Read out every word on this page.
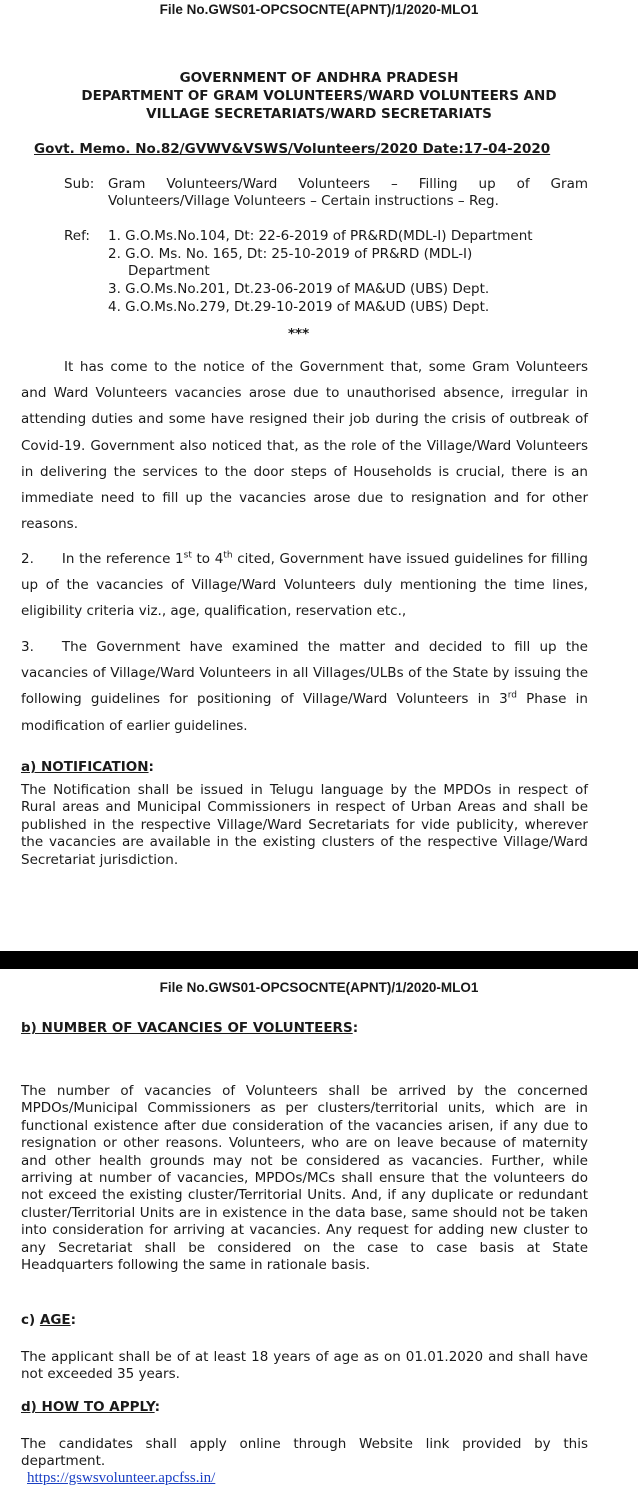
File No.GWS01-OPCSOCNTE(APNT)/1/2020-MLO1
GOVERNMENT OF ANDHRA PRADESH
DEPARTMENT OF GRAM VOLUNTEERS/WARD VOLUNTEERS AND
VILLAGE SECRETARIATS/WARD SECRETARIATS
Govt. Memo. No.82/GVWV&VSWS/Volunteers/2020 Date:17-04-2020
Sub: Gram Volunteers/Ward Volunteers – Filling up of Gram Volunteers/Village Volunteers – Certain instructions – Reg.
Ref: 1. G.O.Ms.No.104, Dt: 22-6-2019 of PR&RD(MDL-I) Department
2. G.O. Ms. No. 165, Dt: 25-10-2019 of PR&RD (MDL-I)
Department
3. G.O.Ms.No.201, Dt.23-06-2019 of MA&UD (UBS) Dept.
4. G.O.Ms.No.279, Dt.29-10-2019 of MA&UD (UBS) Dept.
***

It has come to the notice of the Government that, some Gram Volunteers and Ward Volunteers vacancies arose due to unauthorised absence, irregular in attending duties and some have resigned their job during the crisis of outbreak of Covid-19. Government also noticed that, as the role of the Village/Ward Volunteers in delivering the services to the door steps of Households is crucial, there is an immediate need to fill up the vacancies arose due to resignation and for other reasons.

2. In the reference 1st to 4th cited, Government have issued guidelines for filling up of the vacancies of Village/Ward Volunteers duly mentioning the time lines, eligibility criteria viz., age, qualification, reservation etc.,

3. The Government have examined the matter and decided to fill up the vacancies of Village/Ward Volunteers in all Villages/ULBs of the State by issuing the following guidelines for positioning of Village/Ward Volunteers in 3rd Phase in modification of earlier guidelines.

a) NOTIFICATION:

The Notification shall be issued in Telugu language by the MPDOs in respect of Rural areas and Municipal Commissioners in respect of Urban Areas and shall be published in the respective Village/Ward Secretariats for vide publicity, wherever the vacancies are available in the existing clusters of the respective Village/Ward Secretariat jurisdiction.

File No.GWS01-OPCSOCNTE(APNT)/1/2020-MLO1
b) NUMBER OF VACANCIES OF VOLUNTEERS:

The number of vacancies of Volunteers shall be arrived by the concerned MPDOs/Municipal Commissioners as per clusters/territorial units, which are in functional existence after due consideration of the vacancies arisen, if any due to resignation or other reasons. Volunteers, who are on leave because of maternity and other health grounds may not be considered as vacancies. Further, while arriving at number of vacancies, MPDOs/MCs shall ensure that the volunteers do not exceed the existing cluster/Territorial Units. And, if any duplicate or redundant cluster/Territorial Units are in existence in the data base, same should not be taken into consideration for arriving at vacancies. Any request for adding new cluster to any Secretariat shall be considered on the case to case basis at State Headquarters following the same in rationale basis.

c) AGE:

The applicant shall be of at least 18 years of age as on 01.01.2020 and shall have not exceeded 35 years.

d) HOW TO APPLY:

The candidates shall apply online through Website link provided by this department.

https://gswsvolunteer.apcfss.in/
